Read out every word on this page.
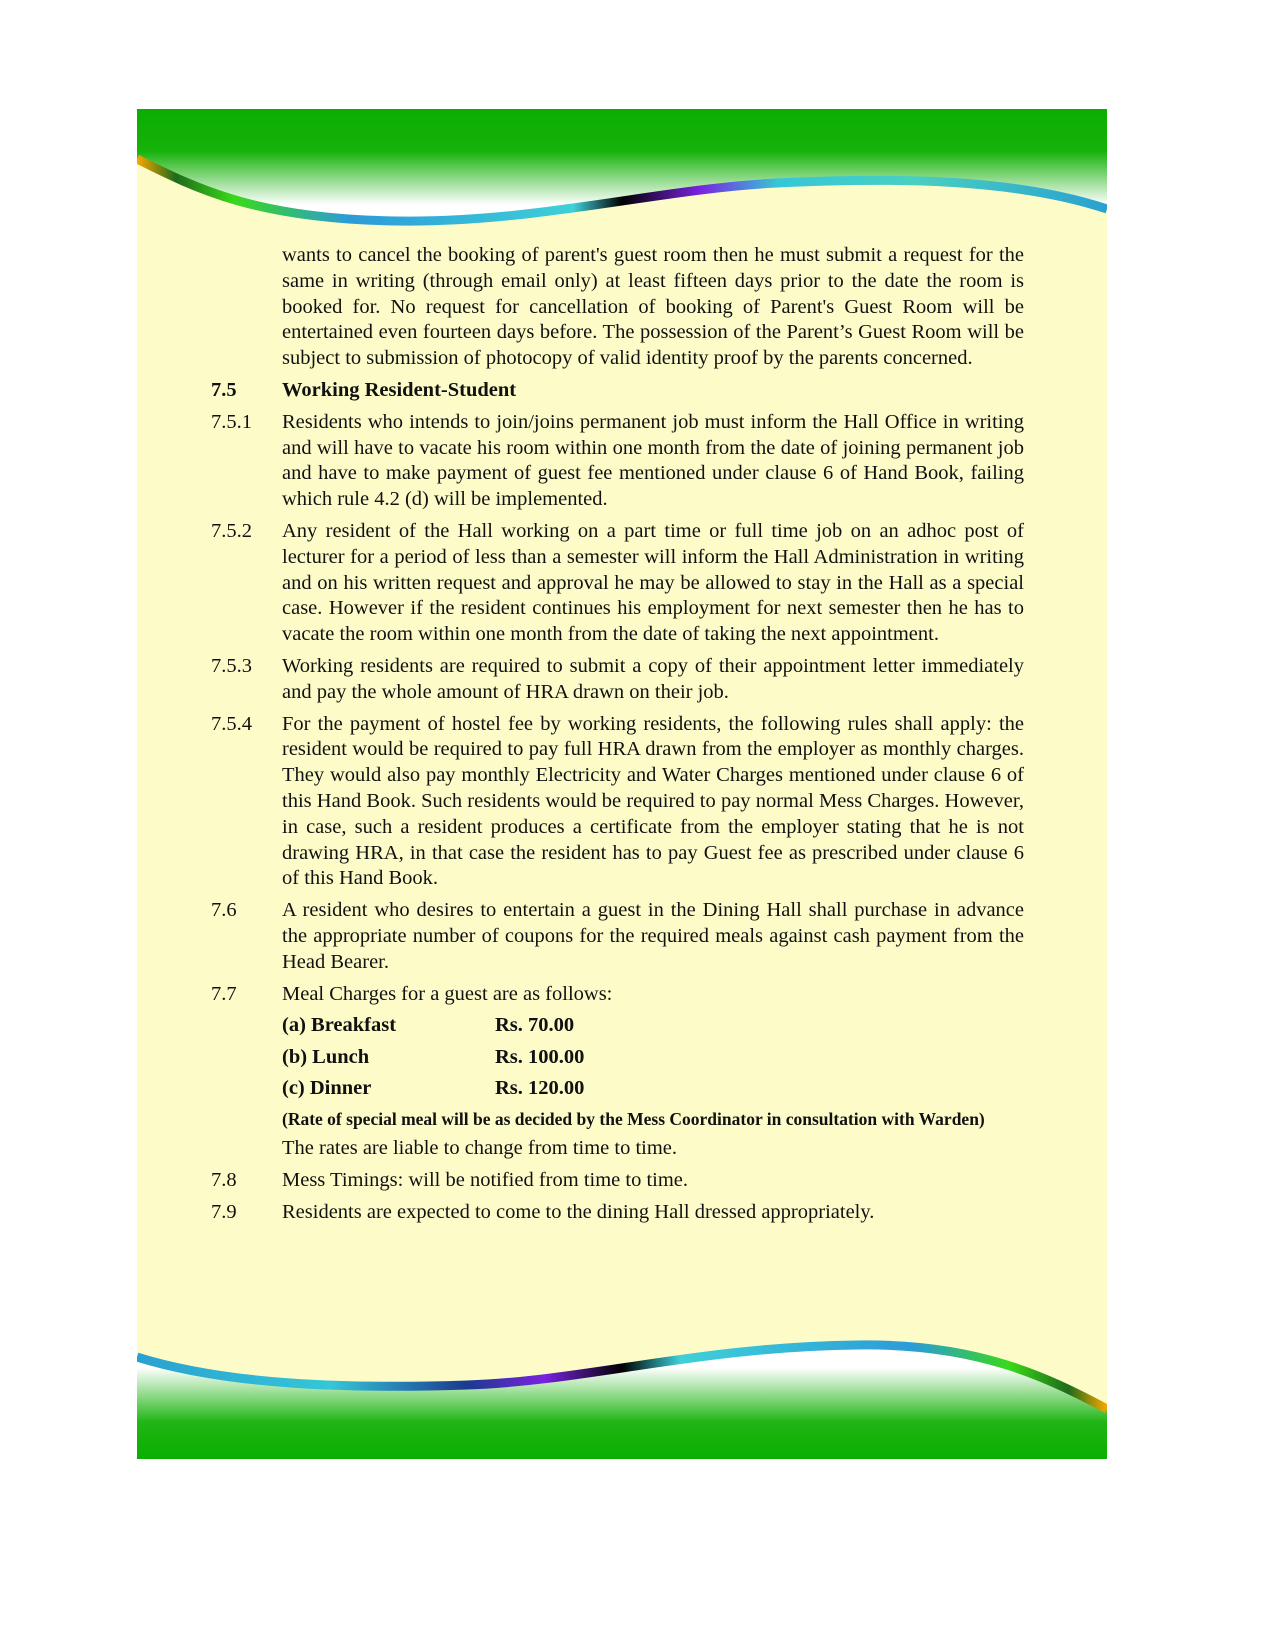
wants to cancel the booking of parent's guest room then he must submit a request for the same in writing (through email only) at least fifteen days prior to the date the room is booked for. No request for cancellation of booking of Parent's Guest Room will be entertained even fourteen days before. The possession of the Parent’s Guest Room will be subject to submission of photocopy of valid identity proof by the parents concerned.
7.5	Working Resident-Student
7.5.1	Residents who intends to join/joins permanent job must inform the Hall Office in writing and will have to vacate his room within one month from the date of joining permanent job and have to make payment of guest fee mentioned under clause 6 of Hand Book, failing which rule 4.2 (d) will be implemented.
7.5.2	Any resident of the Hall working on a part time or full time job on an adhoc post of lecturer for a period of less than a semester will inform the Hall Administration in writing and on his written request and approval he may be allowed to stay in the Hall as a special case. However if the resident continues his employment for next semester then he has to vacate the room within one month from the date of taking the next appointment.
7.5.3	Working residents are required to submit a copy of their appointment letter immediately and pay the whole amount of HRA drawn on their job.
7.5.4	For the payment of hostel fee by working residents, the following rules shall apply: the resident would be required to pay full HRA drawn from the employer as monthly charges. They would also pay monthly Electricity and Water Charges mentioned under clause 6 of this Hand Book. Such residents would be required to pay normal Mess Charges. However, in case, such a resident produces a certificate from the employer stating that he is not drawing HRA, in that case the resident has to pay Guest fee as prescribed under clause 6 of this Hand Book.
7.6	A resident who desires to entertain a guest in the Dining Hall shall purchase in advance the appropriate number of coupons for the required meals against cash payment from the Head Bearer.
7.7	Meal Charges for a guest are as follows:
(a) Breakfast	Rs. 70.00
(b) Lunch	Rs. 100.00
(c) Dinner	Rs. 120.00
(Rate of special meal will be as decided by the Mess Coordinator in consultation with Warden)
The rates are liable to change from time to time.
7.8	Mess Timings: will be notified from time to time.
7.9	Residents are expected to come to the dining Hall dressed appropriately.
